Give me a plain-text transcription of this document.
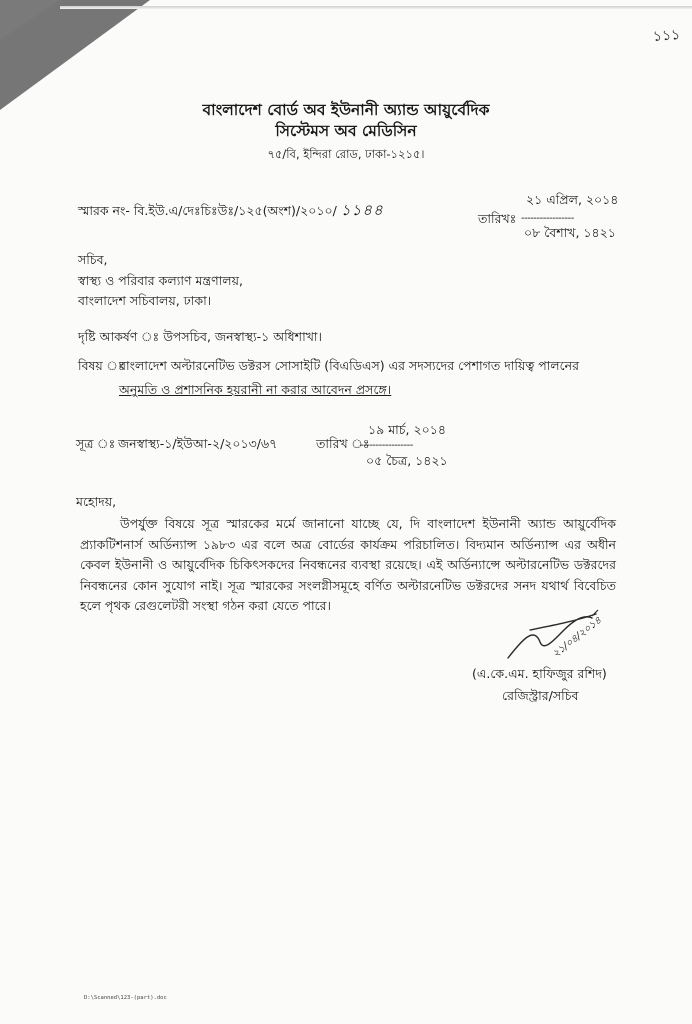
১১১
বাংলাদেশ বোর্ড অব ইউনানী অ্যান্ড আয়ুর্বেদিক
সিস্টেমস অব মেডিসিন
৭৫/বি, ইন্দিরা রোড, ঢাকা-১২১৫।
স্মারক নং- বি.ইউ.এ/দেঃচিঃউঃ/১২৫(অংশ)/২০১০/ ১১৪৪	তারিখঃ
২১ এপ্রিল, ২০১৪
-----------------
০৮ বৈশাখ, ১৪২১
সচিব,
স্বাস্থ্য ও পরিবার কল্যাণ মন্ত্রণালয়,
বাংলাদেশ সচিবালয়, ঢাকা।
দৃষ্টি আকর্ষণ ঃ উপসচিব, জনস্বাস্থ্য-১ অধিশাখা।
বিষয় ঃ
বাংলাদেশ অল্টারনেটিভ ডক্টরস সোসাইটি (বিএডিএস) এর সদস্যদের পেশাগত দায়িত্ব পালনের
অনুমতি ও প্রশাসনিক হয়রানী না করার আবেদন প্রসঙ্গে।
সূত্র ঃ জনস্বাস্থ্য-১/ইউআ-২/২০১৩/৬৭	তারিখ ঃ
১৯ মার্চ, ২০১৪
-----------------
০৫ চৈত্র, ১৪২১
মহোদয়,
উপর্যুক্ত বিষয়ে সূত্র স্মারকের মর্মে জানানো যাচ্ছে যে, দি বাংলাদেশ ইউনানী অ্যান্ড আয়ুর্বেদিক প্র্যাকটিশনার্স অর্ডিন্যান্স ১৯৮৩ এর বলে অত্র বোর্ডের কার্যক্রম পরিচালিত। বিদ্যমান অর্ডিন্যান্স এর অধীন কেবল ইউনানী ও আয়ুর্বেদিক চিকিৎসকদের নিবন্ধনের ব্যবস্থা রয়েছে। এই অর্ডিন্যান্সে অল্টারনেটিভ ডক্টরদের নিবন্ধনের কোন সুযোগ নাই। সূত্র স্মারকের সংলগ্নীসমূহে বর্ণিত অল্টারনেটিভ ডক্টরদের সনদ যথার্থ বিবেচিত হলে পৃথক রেগুলেটরী সংস্থা গঠন করা যেতে পারে।
২১/০৪/২০১৪
(এ.কে.এম. হাফিজুর রশিদ)
রেজিস্ট্রার/সচিব
D:\Scanned\123-(part).doc
